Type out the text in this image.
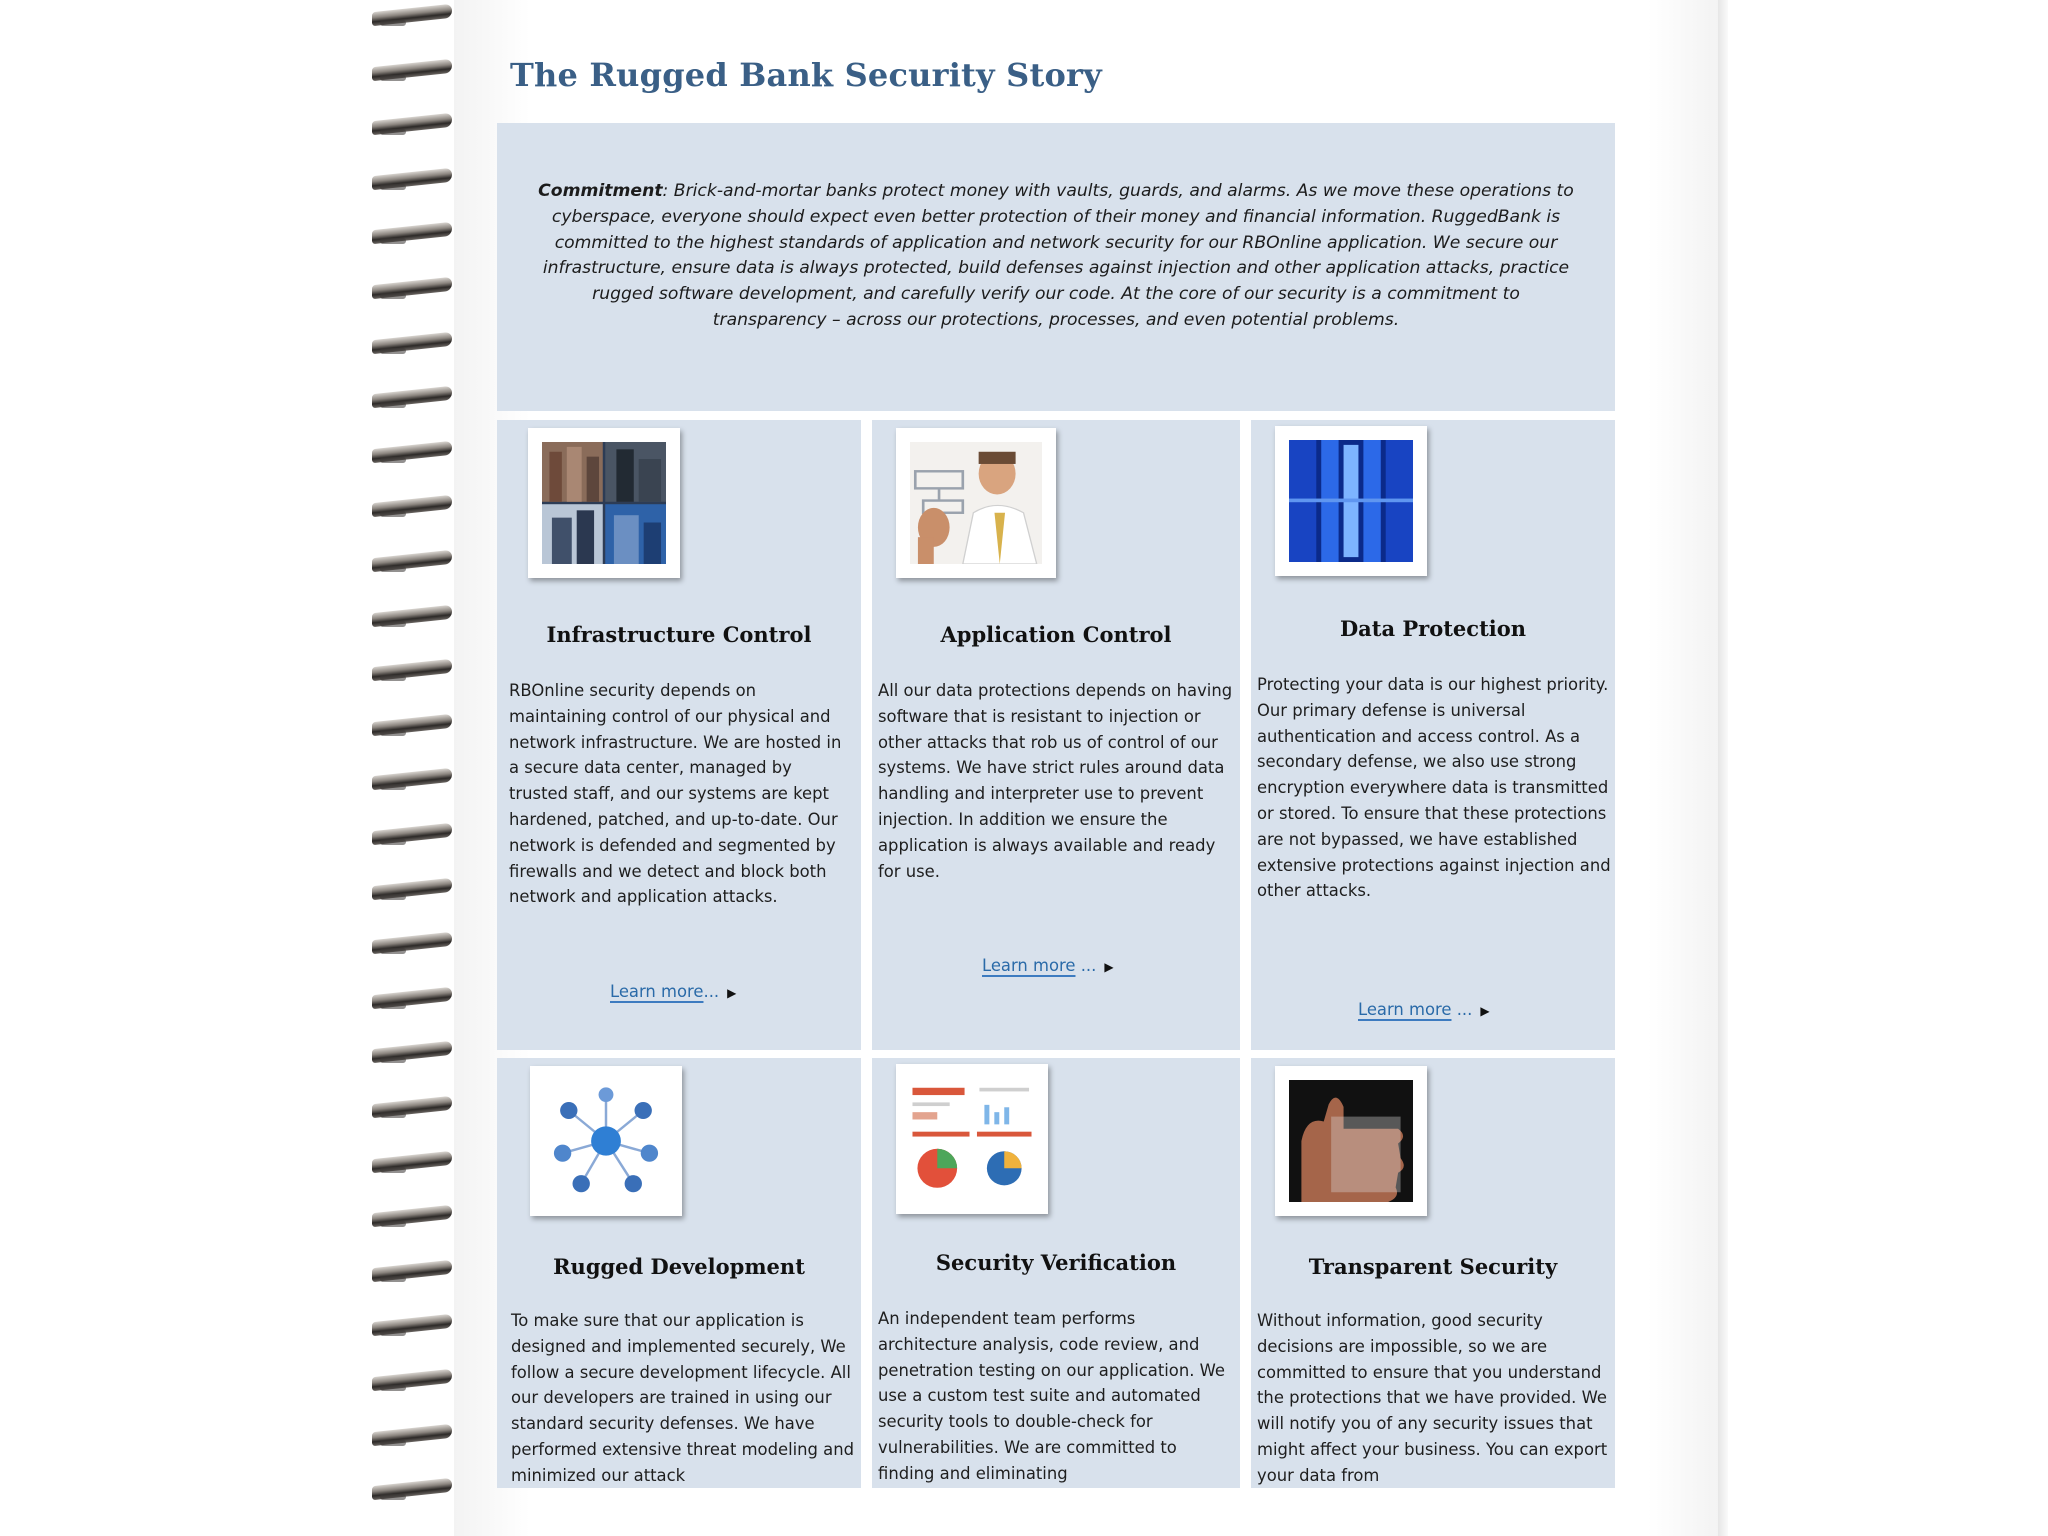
The Rugged Bank Security Story

Commitment: Brick-and-mortar banks protect money with vaults, guards, and alarms. As we move these operations to cyberspace, everyone should expect even better protection of their money and financial information. RuggedBank is committed to the highest standards of application and network security for our RBOnline application. We secure our infrastructure, ensure data is always protected, build defenses against injection and other application attacks, practice rugged software development, and carefully verify our code. At the core of our security is a commitment to transparency – across our protections, processes, and even potential problems.

Infrastructure Control

RBOnline security depends on maintaining control of our physical and network infrastructure. We are hosted in a secure data center, managed by trusted staff, and our systems are kept hardened, patched, and up-to-date. Our network is defended and segmented by firewalls and we detect and block both network and application attacks.

Learn more... ▶
Application Control

All our data protections depends on having software that is resistant to injection or other attacks that rob us of control of our systems. We have strict rules around data handling and interpreter use to prevent injection. In addition we ensure the application is always available and ready for use.

Learn more ... ▶
Data Protection

Protecting your data is our highest priority. Our primary defense is universal authentication and access control. As a secondary defense, we also use strong encryption everywhere data is transmitted or stored. To ensure that these protections are not bypassed, we have established extensive protections against injection and other attacks.

Learn more ... ▶
Rugged Development

To make sure that our application is designed and implemented securely, We follow a secure development lifecycle. All our developers are trained in using our standard security defenses. We have performed extensive threat modeling and minimized our attack

Security Verification

An independent team performs architecture analysis, code review, and penetration testing on our application. We use a custom test suite and automated security tools to double-check for vulnerabilities. We are committed to finding and eliminating

Transparent Security

Without information, good security decisions are impossible, so we are committed to ensure that you understand the protections that we have provided. We will notify you of any security issues that might affect your business. You can export your data from
